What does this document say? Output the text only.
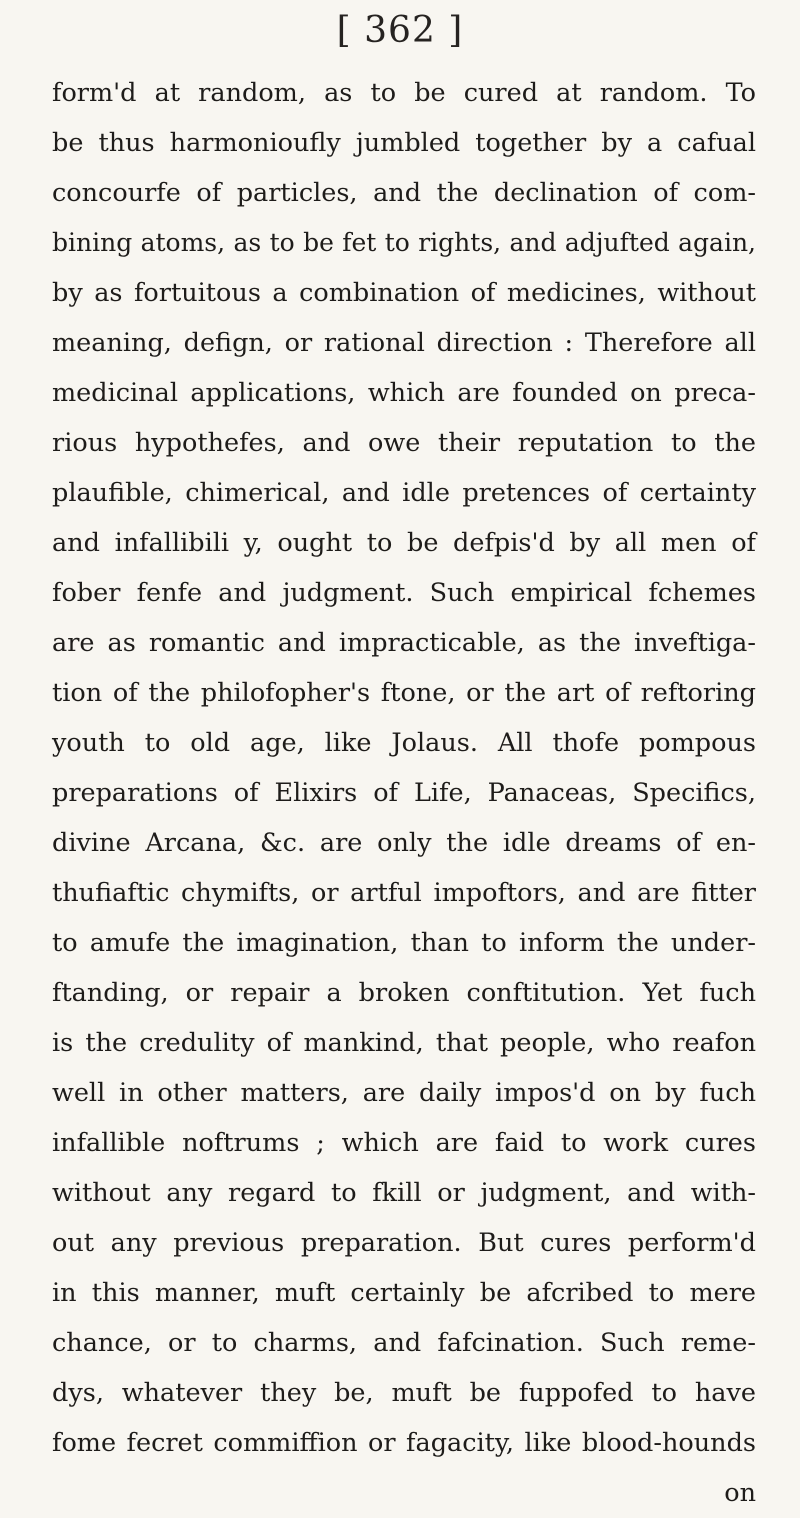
[ 362 ]
form'd at random, as to be cured at random. To
be thus harmonioufly jumbled together by a cafual
concourfe of particles, and the declination of com-
bining atoms, as to be fet to rights, and adjufted again,
by as fortuitous a combination of medicines, without
meaning, defign, or rational direction : Therefore all
medicinal applications, which are founded on preca-
rious hypothefes, and owe their reputation to the
plaufible, chimerical, and idle pretences of certainty
and infallibili y, ought to be defpis'd by all men of
fober fenfe and judgment. Such empirical fchemes
are as romantic and impracticable, as the inveftiga-
tion of the philofopher's ftone, or the art of reftoring
youth to old age, like Jolaus. All thofe pompous
preparations of Elixirs of Life, Panaceas, Specifics,
divine Arcana, &c. are only the idle dreams of en-
thufiaftic chymifts, or artful impoftors, and are fitter
to amufe the imagination, than to inform the under-
ftanding, or repair a broken conftitution. Yet fuch
is the credulity of mankind, that people, who reafon
well in other matters, are daily impos'd on by fuch
infallible noftrums ; which are faid to work cures
without any regard to fkill or judgment, and with-
out any previous preparation. But cures perform'd
in this manner, muft certainly be afcribed to mere
chance, or to charms, and fafcination. Such reme-
dys, whatever they be, muft be fuppofed to have
fome fecret commiffion or fagacity, like blood-hounds
on
